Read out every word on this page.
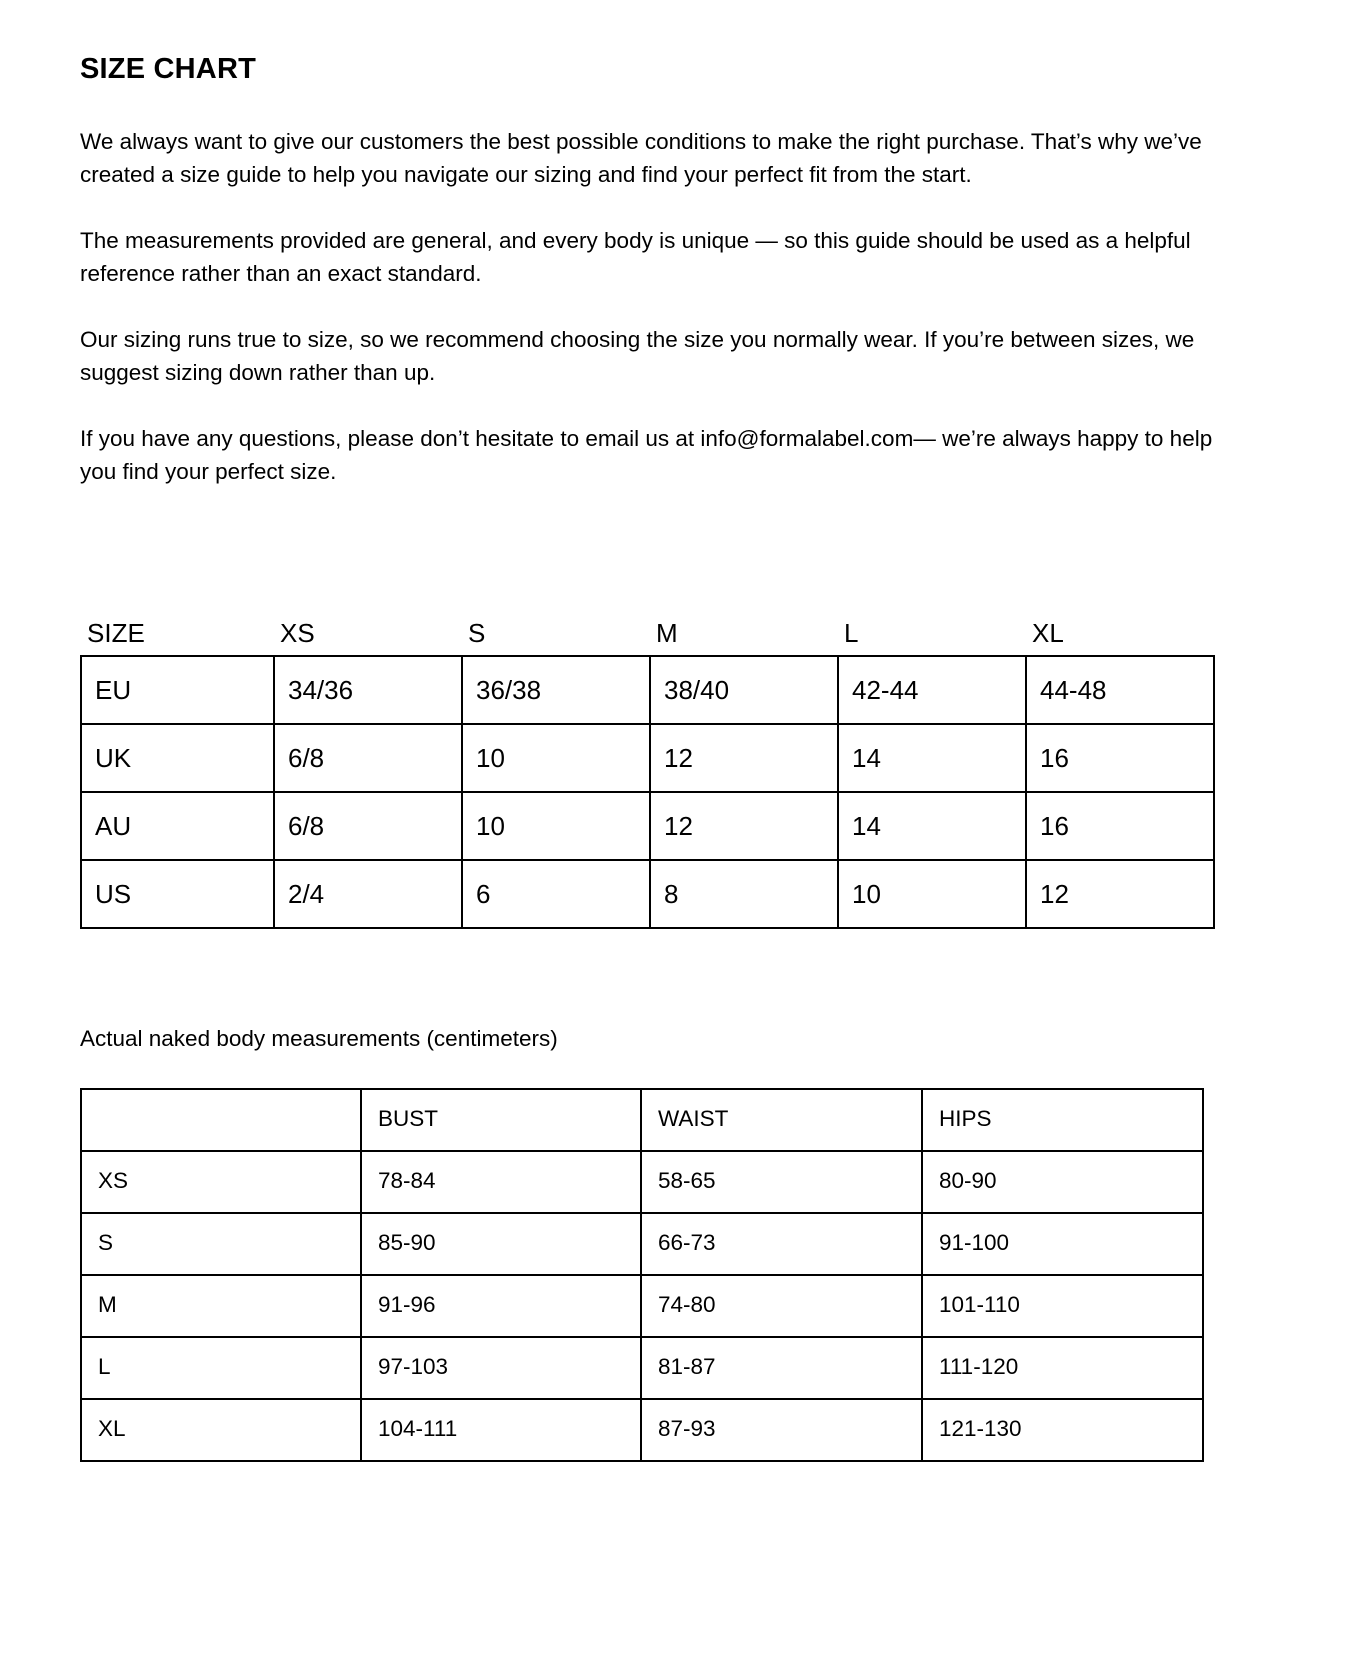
SIZE CHART

We always want to give our customers the best possible conditions to make the right purchase. That’s why we’ve created a size guide to help you navigate our sizing and find your perfect fit from the start.

The measurements provided are general, and every body is unique — so this guide should be used as a helpful reference rather than an exact standard.

Our sizing runs true to size, so we recommend choosing the size you normally wear. If you’re between sizes, we suggest sizing down rather than up.

If you have any questions, please don’t hesitate to email us at info@formalabel.com— we’re always happy to help you find your perfect size.

SIZE	XS	S	M	L	XL
EU	34/36	36/38	38/40	42-44	44-48
UK	6/8	10	12	14	16
AU	6/8	10	12	14	16
US	2/4	6	8	10	12
Actual naked body measurements (centimeters)
	BUST	WAIST	HIPS
XS	78-84	58-65	80-90
S	85-90	66-73	91-100
M	91-96	74-80	101-110
L	97-103	81-87	111-120
XL	104-111	87-93	121-130
